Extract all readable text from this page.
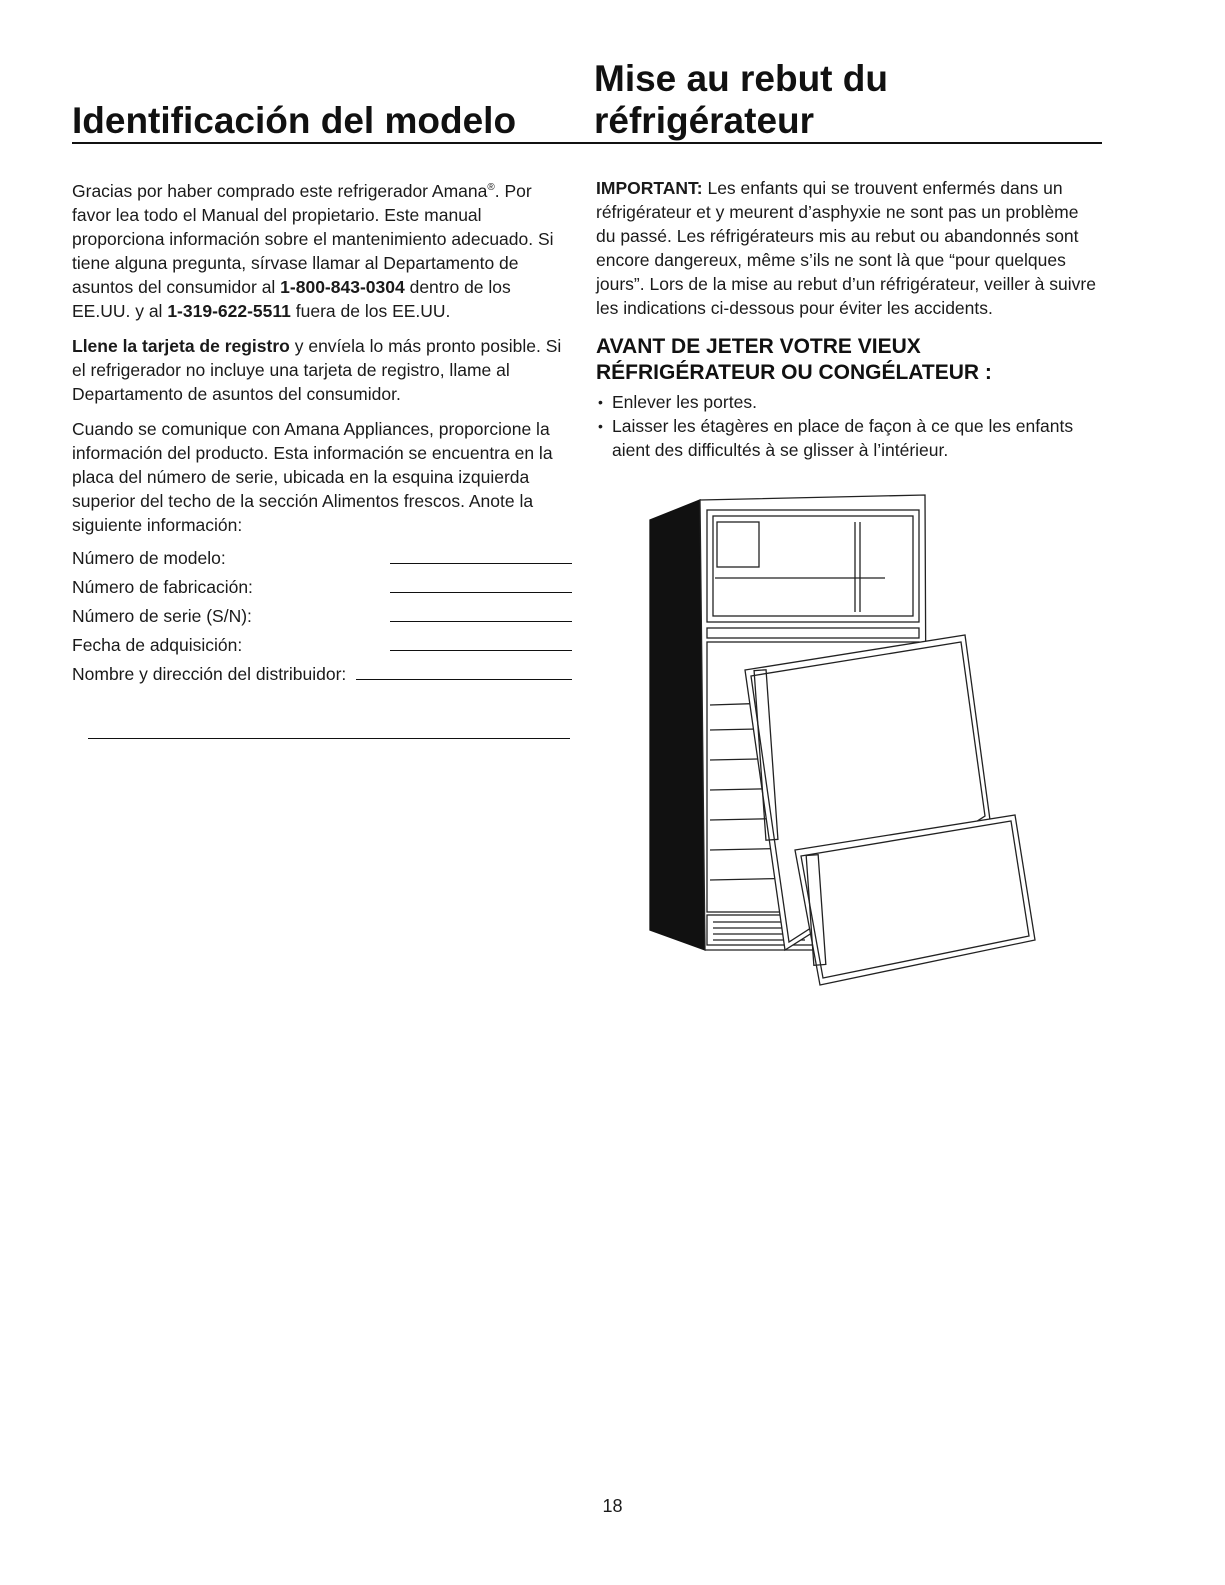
Identificación del modelo
Mise au rebut du
réfrigérateur

Gracias por haber comprado este refrigerador Amana®. Por favor lea todo el Manual del propietario. Este manual proporciona información sobre el mantenimiento adecuado. Si tiene alguna pregunta, sírvase llamar al Departamento de asuntos del consumidor al 1-800-843-0304 dentro de los EE.UU. y al 1-319-622-5511 fuera de los EE.UU.

Llene la tarjeta de registro y envíela lo más pronto posible. Si el refrigerador no incluye una tarjeta de registro, llame al Departamento de asuntos del consumidor.

Cuando se comunique con Amana Appliances, proporcione la información del producto. Esta información se encuentra en la placa del número de serie, ubicada en la esquina izquierda superior del techo de la sección Alimentos frescos. Anote la siguiente información:

Número de modelo:
Número de fabricación:
Número de serie (S/N):
Fecha de adquisición:
Nombre y dirección del distribuidor:

IMPORTANT: Les enfants qui se trouvent enfermés dans un réfrigérateur et y meurent d’asphyxie ne sont pas un problème du passé. Les réfrigérateurs mis au rebut ou abandonnés sont encore dangereux, même s’ils ne sont là que “pour quelques jours”. Lors de la mise au rebut d’un réfrigérateur, veiller à suivre les indications ci-dessous pour éviter les accidents.

AVANT DE JETER VOTRE VIEUX
RÉFRIGÉRATEUR OU CONGÉLATEUR :
• Enlever les portes.
• Laisser les étagères en place de façon à ce que les enfants aient des difficultés à se glisser à l’intérieur.
18
